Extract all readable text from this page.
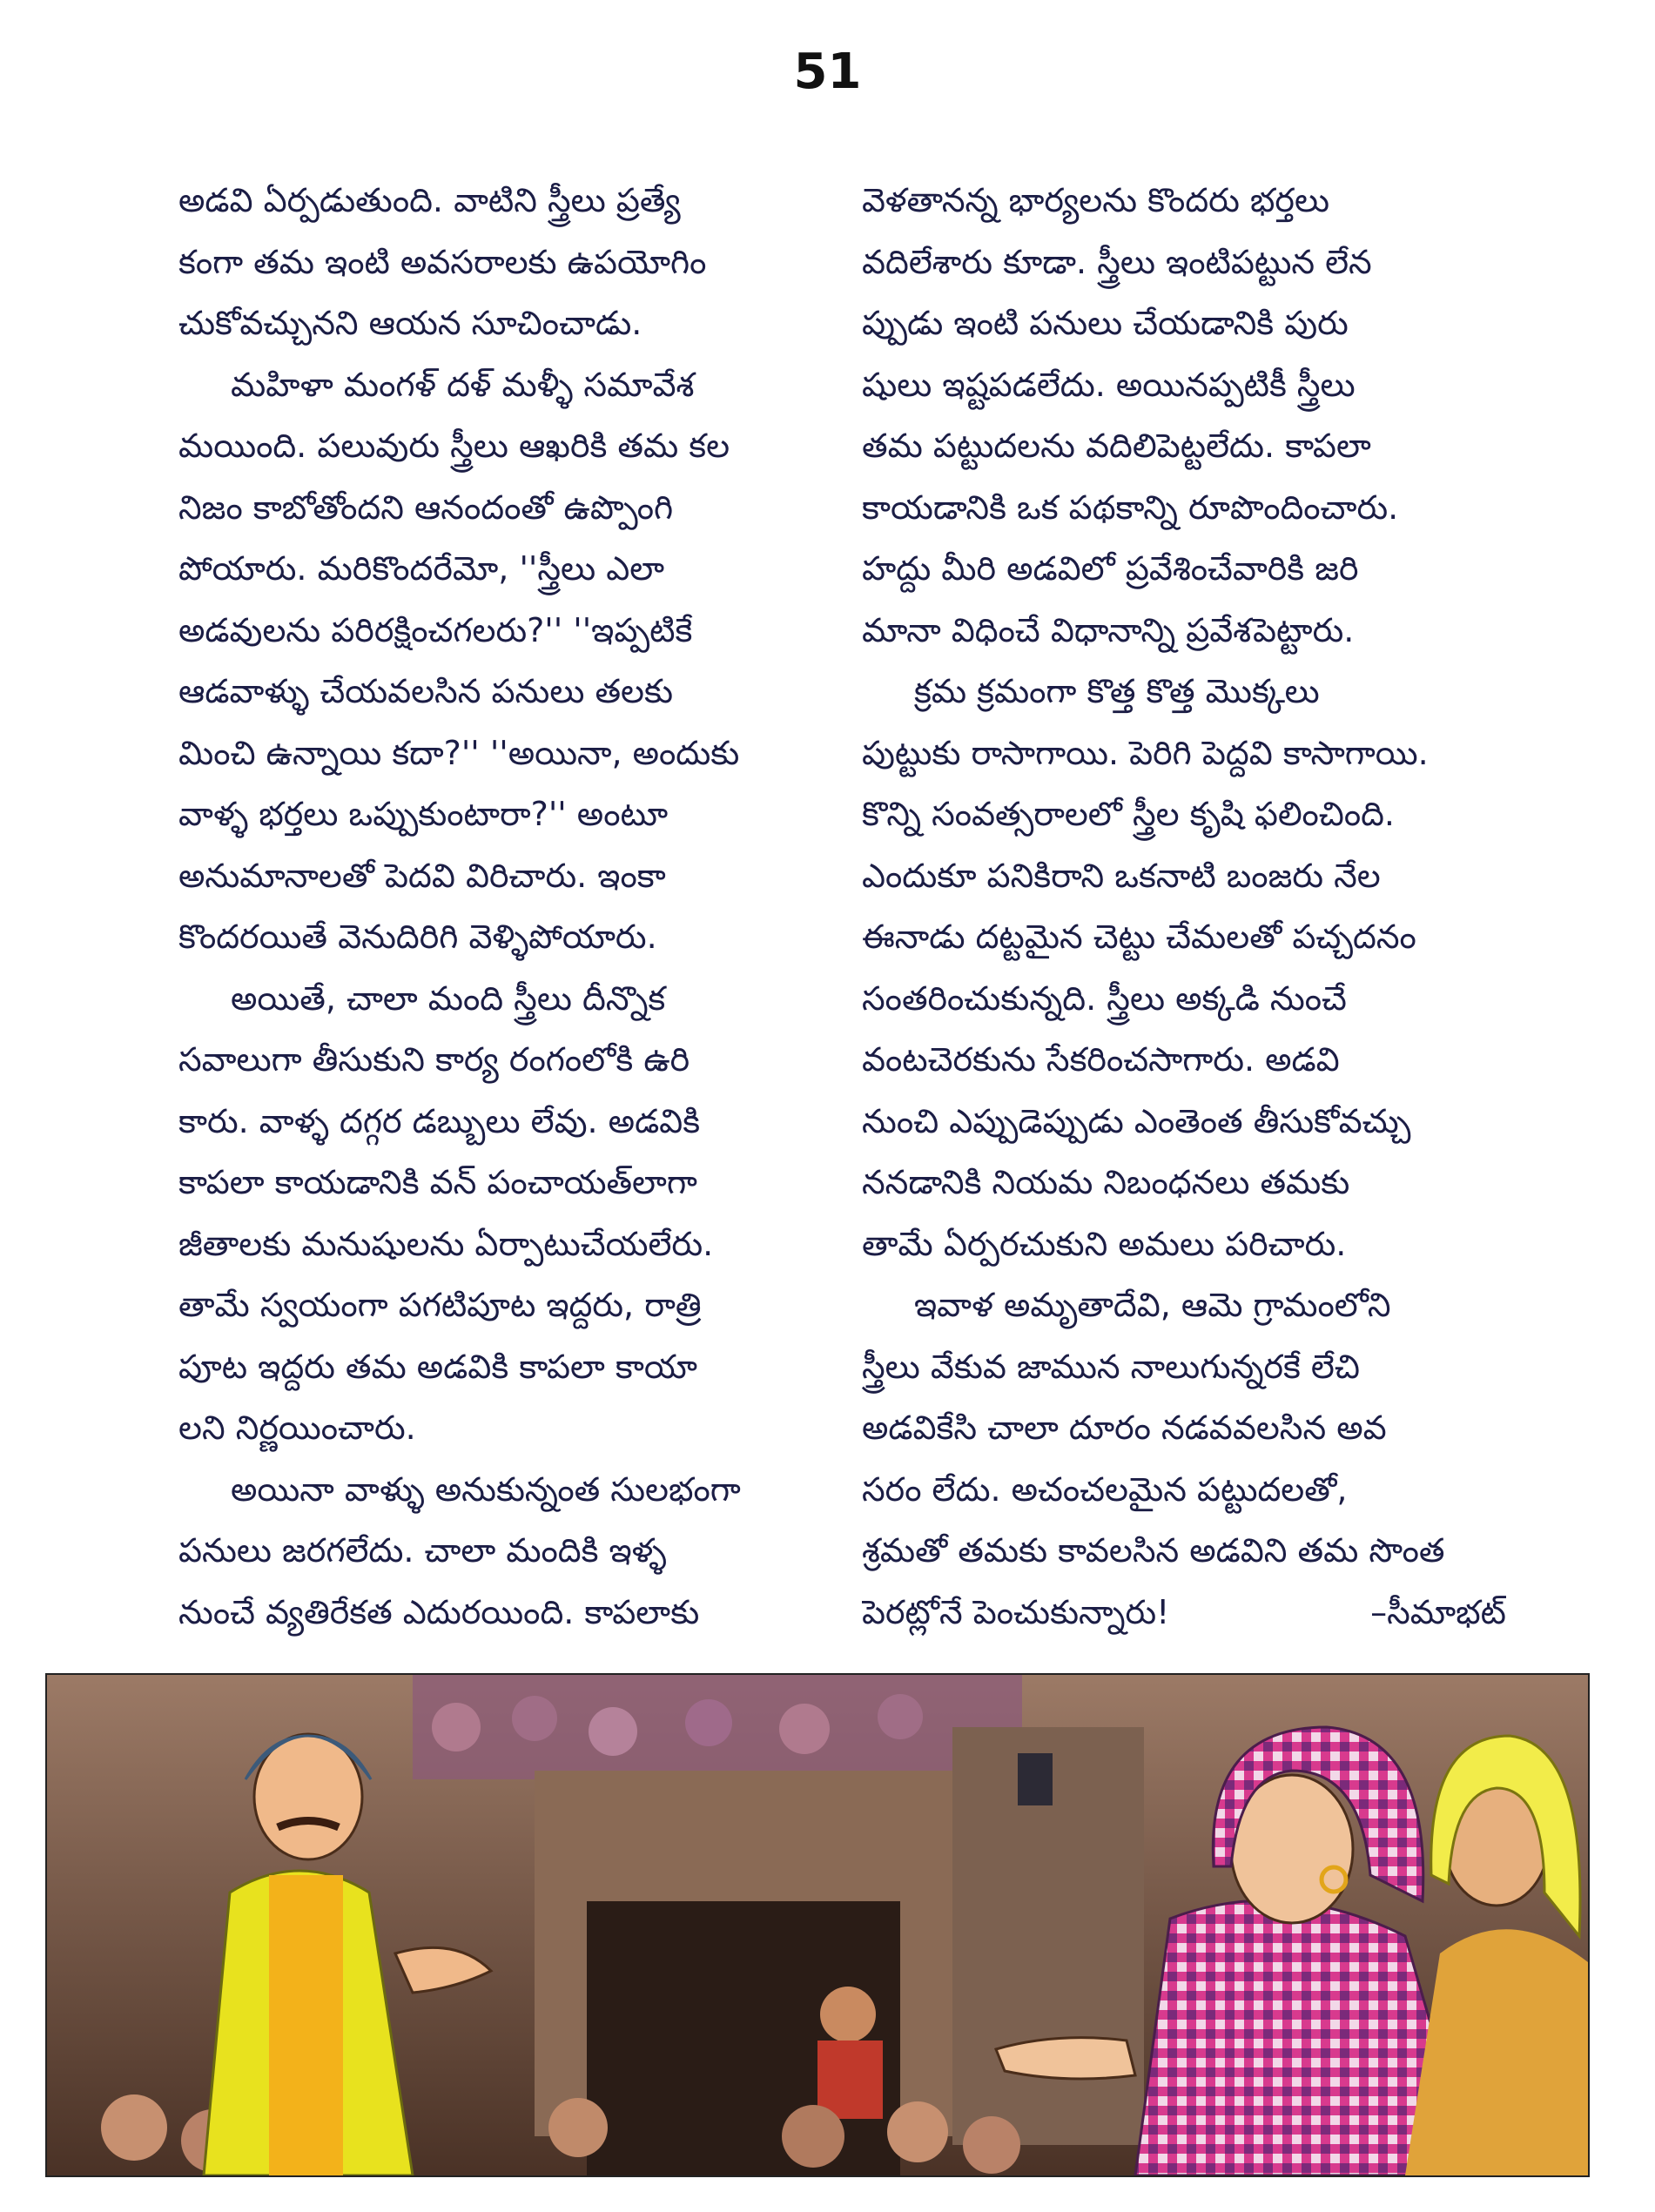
51
అడవి ఏర్పడుతుంది. వాటిని స్త్రీలు ప్రత్యే
కంగా తమ ఇంటి అవసరాలకు ఉపయోగిం
చుకోవచ్చునని ఆయన సూచించాడు.
మహిళా మంగళ్ దళ్ మళ్ళీ సమావేశ
మయింది. పలువురు స్త్రీలు ఆఖరికి తమ కల
నిజం కాబోతోందని ఆనందంతో ఉప్పొంగి
పోయారు. మరికొందరేమో, ''స్త్రీలు ఎలా
అడవులను పరిరక్షించగలరు?'' ''ఇప్పటికే
ఆడవాళ్ళు చేయవలసిన పనులు తలకు
మించి ఉన్నాయి కదా?'' ''అయినా, అందుకు
వాళ్ళ భర్తలు ఒప్పుకుంటారా?'' అంటూ
అనుమానాలతో పెదవి విరిచారు. ఇంకా
కొందరయితే వెనుదిరిగి వెళ్ళిపోయారు.
అయితే, చాలా మంది స్త్రీలు దీన్నొక
సవాలుగా తీసుకుని కార్య రంగంలోకి ఉరి
కారు. వాళ్ళ దగ్గర డబ్బులు లేవు. అడవికి
కాపలా కాయడానికి వన్ పంచాయత్‌లాగా
జీతాలకు మనుషులను ఏర్పాటుచేయలేరు.
తామే స్వయంగా పగటిపూట ఇద్దరు, రాత్రి
పూట ఇద్దరు తమ అడవికి కాపలా కాయా
లని నిర్ణయించారు.
అయినా వాళ్ళు అనుకున్నంత సులభంగా
పనులు జరగలేదు. చాలా మందికి ఇళ్ళ
నుంచే వ్యతిరేకత ఎదురయింది. కాపలాకు
వెళతానన్న భార్యలను కొందరు భర్తలు
వదిలేశారు కూడా. స్త్రీలు ఇంటిపట్టున లేన
ప్పుడు ఇంటి పనులు చేయడానికి పురు
షులు ఇష్టపడలేదు. అయినప్పటికీ స్త్రీలు
తమ పట్టుదలను వదిలిపెట్టలేదు. కాపలా
కాయడానికి ఒక పథకాన్ని రూపొందించారు.
హద్దు మీరి అడవిలో ప్రవేశించేవారికి జరి
మానా విధించే విధానాన్ని ప్రవేశపెట్టారు.
క్రమ క్రమంగా కొత్త కొత్త మొక్కలు
పుట్టుకు రాసాగాయి. పెరిగి పెద్దవి కాసాగాయి.
కొన్ని సంవత్సరాలలో స్త్రీల కృషి ఫలించింది.
ఎందుకూ పనికిరాని ఒకనాటి బంజరు నేల
ఈనాడు దట్టమైన చెట్టు చేమలతో పచ్చదనం
సంతరించుకున్నది. స్త్రీలు అక్కడి నుంచే
వంటచెరకును సేకరించసాగారు. అడవి
నుంచి ఎప్పుడెప్పుడు ఎంతెంత తీసుకోవచ్చు
ననడానికి నియమ నిబంధనలు తమకు
తామే ఏర్పరచుకుని అమలు పరిచారు.
ఇవాళ అమృతాదేవి, ఆమె గ్రామంలోని
స్త్రీలు వేకువ జామున నాలుగున్నరకే లేచి
అడవికేసి చాలా దూరం నడవవలసిన అవ
సరం లేదు. అచంచలమైన పట్టుదలతో,
శ్రమతో తమకు కావలసిన అడవిని తమ సొంత
పెరట్లోనే పెంచుకున్నారు!	–సీమాభట్
